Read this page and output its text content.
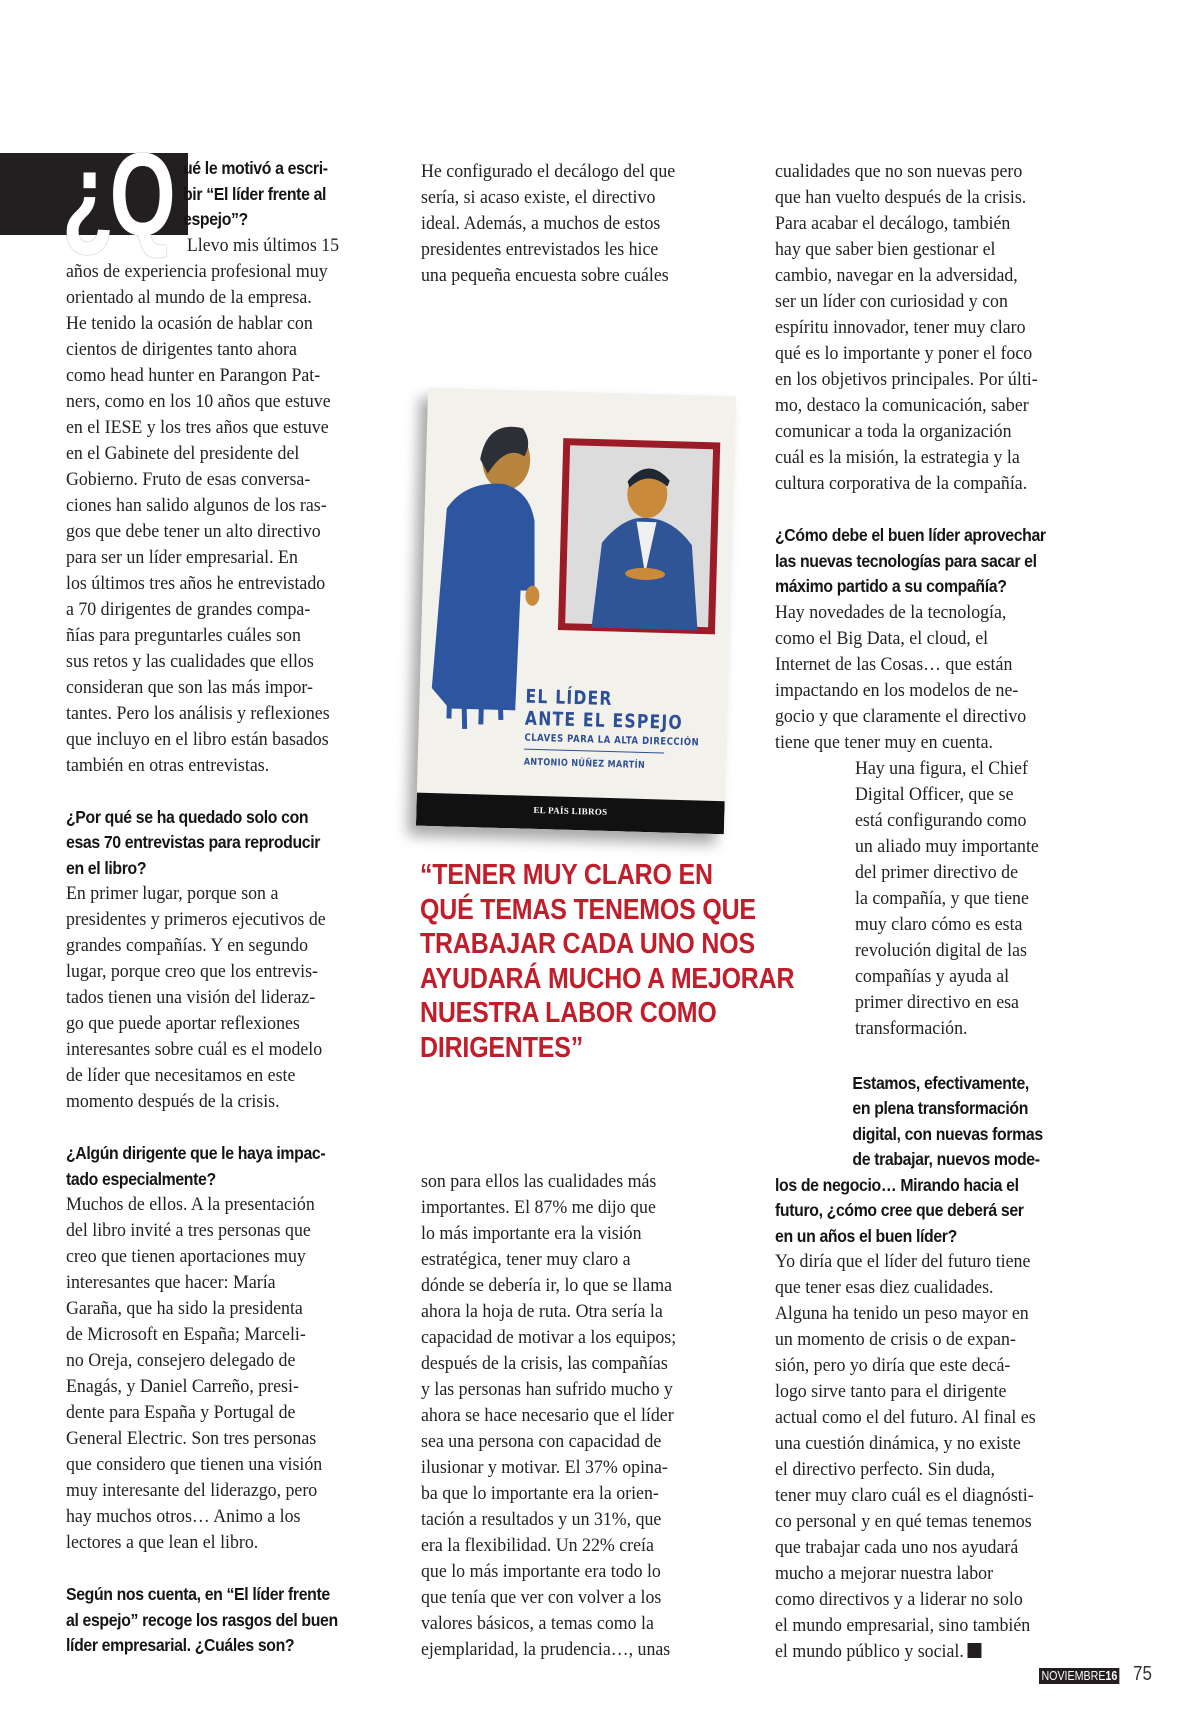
¿Q ué le motivó a escri-
bir “El líder frente al
espejo”?
Llevo mis últimos 15
años de experiencia profesional muy
orientado al mundo de la empresa.
He tenido la ocasión de hablar con
cientos de dirigentes tanto ahora
como head hunter en Parangon Pat-
ners, como en los 10 años que estuve
en el IESE y los tres años que estuve
en el Gabinete del presidente del
Gobierno. Fruto de esas conversa-
ciones han salido algunos de los ras-
gos que debe tener un alto directivo
para ser un líder empresarial. En
los últimos tres años he entrevistado
a 70 dirigentes de grandes compa-
ñías para preguntarles cuáles son
sus retos y las cualidades que ellos
consideran que son las más impor-
tantes. Pero los análisis y reflexiones
que incluyo en el libro están basados
también en otras entrevistas.
¿Por qué se ha quedado solo con
esas 70 entrevistas para reproducir
en el libro?
En primer lugar, porque son a
presidentes y primeros ejecutivos de
grandes compañías. Y en segundo
lugar, porque creo que los entrevis-
tados tienen una visión del lideraz-
go que puede aportar reflexiones
interesantes sobre cuál es el modelo
de líder que necesitamos en este
momento después de la crisis.
¿Algún dirigente que le haya impac-
tado especialmente?
Muchos de ellos. A la presentación
del libro invité a tres personas que
creo que tienen aportaciones muy
interesantes que hacer: María
Garaña, que ha sido la presidenta
de Microsoft en España; Marceli-
no Oreja, consejero delegado de
Enagás, y Daniel Carreño, presi-
dente para España y Portugal de
General Electric. Son tres personas
que considero que tienen una visión
muy interesante del liderazgo, pero
hay muchos otros… Animo a los
lectores a que lean el libro.
Según nos cuenta, en “El líder frente
al espejo” recoge los rasgos del buen
líder empresarial. ¿Cuáles son?
He configurado el decálogo del que
sería, si acaso existe, el directivo
ideal. Además, a muchos de estos
presidentes entrevistados les hice
una pequeña encuesta sobre cuáles
EL LÍDER
ANTE EL ESPEJO
CLAVES PARA LA ALTA DIRECCIÓN
ANTONIO NÚÑEZ MARTÍN
EL PAÍS LIBROS
“TENER MUY CLARO EN
QUÉ TEMAS TENEMOS QUE
TRABAJAR CADA UNO NOS
AYUDARÁ MUCHO A MEJORAR
NUESTRA LABOR COMO
DIRIGENTES”
son para ellos las cualidades más
importantes. El 87% me dijo que
lo más importante era la visión
estratégica, tener muy claro a
dónde se debería ir, lo que se llama
ahora la hoja de ruta. Otra sería la
capacidad de motivar a los equipos;
después de la crisis, las compañías
y las personas han sufrido mucho y
ahora se hace necesario que el líder
sea una persona con capacidad de
ilusionar y motivar. El 37% opina-
ba que lo importante era la orien-
tación a resultados y un 31%, que
era la flexibilidad. Un 22% creía
que lo más importante era todo lo
que tenía que ver con volver a los
valores básicos, a temas como la
ejemplaridad, la prudencia…, unas
cualidades que no son nuevas pero
que han vuelto después de la crisis.
Para acabar el decálogo, también
hay que saber bien gestionar el
cambio, navegar en la adversidad,
ser un líder con curiosidad y con
espíritu innovador, tener muy claro
qué es lo importante y poner el foco
en los objetivos principales. Por últi-
mo, destaco la comunicación, saber
comunicar a toda la organización
cuál es la misión, la estrategia y la
cultura corporativa de la compañía.
¿Cómo debe el buen líder aprovechar
las nuevas tecnologías para sacar el
máximo partido a su compañía?
Hay novedades de la tecnología,
como el Big Data, el cloud, el
Internet de las Cosas… que están
impactando en los modelos de ne-
gocio y que claramente el directivo
tiene que tener muy en cuenta.
Hay una figura, el Chief
Digital Officer, que se
está configurando como
un aliado muy importante
del primer directivo de
la compañía, y que tiene
muy claro cómo es esta
revolución digital de las
compañías y ayuda al
primer directivo en esa
transformación.
Estamos, efectivamente,
en plena transformación
digital, con nuevas formas
de trabajar, nuevos mode-
los de negocio… Mirando hacia el
futuro, ¿cómo cree que deberá ser
en un años el buen líder?
Yo diría que el líder del futuro tiene
que tener esas diez cualidades.
Alguna ha tenido un peso mayor en
un momento de crisis o de expan-
sión, pero yo diría que este decá-
logo sirve tanto para el dirigente
actual como el del futuro. Al final es
una cuestión dinámica, y no existe
el directivo perfecto. Sin duda,
tener muy claro cuál es el diagnósti-
co personal y en qué temas tenemos
que trabajar cada uno nos ayudará
mucho a mejorar nuestra labor
como directivos y a liderar no solo
el mundo empresarial, sino también
el mundo público y social.
NOVIEMBRE16 75
